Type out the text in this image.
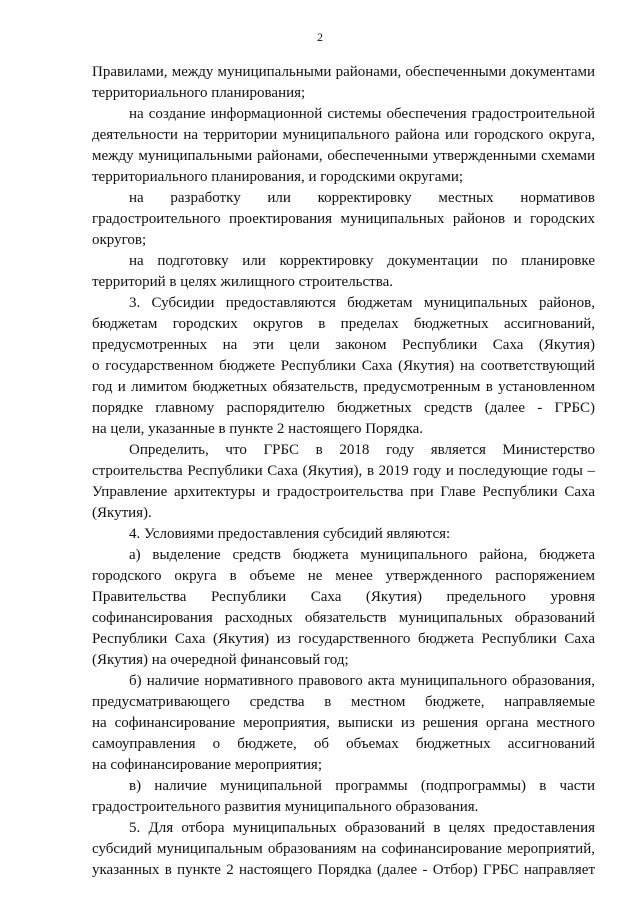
2
Правилами, между муниципальными районами, обеспеченными документами
территориального планирования;
на создание информационной системы обеспечения градостроительной
деятельности на территории муниципального района или городского округа,
между муниципальными районами, обеспеченными утвержденными схемами
территориального планирования, и городскими округами;
на разработку или корректировку местных нормативов
градостроительного проектирования муниципальных районов и городских
округов;
на подготовку или корректировку документации по планировке
территорий в целях жилищного строительства.
3. Субсидии предоставляются бюджетам муниципальных районов,
бюджетам городских округов в пределах бюджетных ассигнований,
предусмотренных на эти цели законом Республики Саха (Якутия)
о государственном бюджете Республики Саха (Якутия) на соответствующий
год и лимитом бюджетных обязательств, предусмотренным в установленном
порядке главному распорядителю бюджетных средств (далее - ГРБС)
на цели, указанные в пункте 2 настоящего Порядка.
Определить, что ГРБС в 2018 году является Министерство
строительства Республики Саха (Якутия), в 2019 году и последующие годы –
Управление архитектуры и градостроительства при Главе Республики Саха
(Якутия).
4. Условиями предоставления субсидий являются:
а) выделение средств бюджета муниципального района, бюджета
городского округа в объеме не менее утвержденного распоряжением
Правительства Республики Саха (Якутия) предельного уровня
софинансирования расходных обязательств муниципальных образований
Республики Саха (Якутия) из государственного бюджета Республики Саха
(Якутия) на очередной финансовый год;
б) наличие нормативного правового акта муниципального образования,
предусматривающего средства в местном бюджете, направляемые
на софинансирование мероприятия, выписки из решения органа местного
самоуправления о бюджете, об объемах бюджетных ассигнований
на софинансирование мероприятия;
в) наличие муниципальной программы (подпрограммы) в части
градостроительного развития муниципального образования.
5. Для отбора муниципальных образований в целях предоставления
субсидий муниципальным образованиям на софинансирование мероприятий,
указанных в пункте 2 настоящего Порядка (далее - Отбор) ГРБС направляет
